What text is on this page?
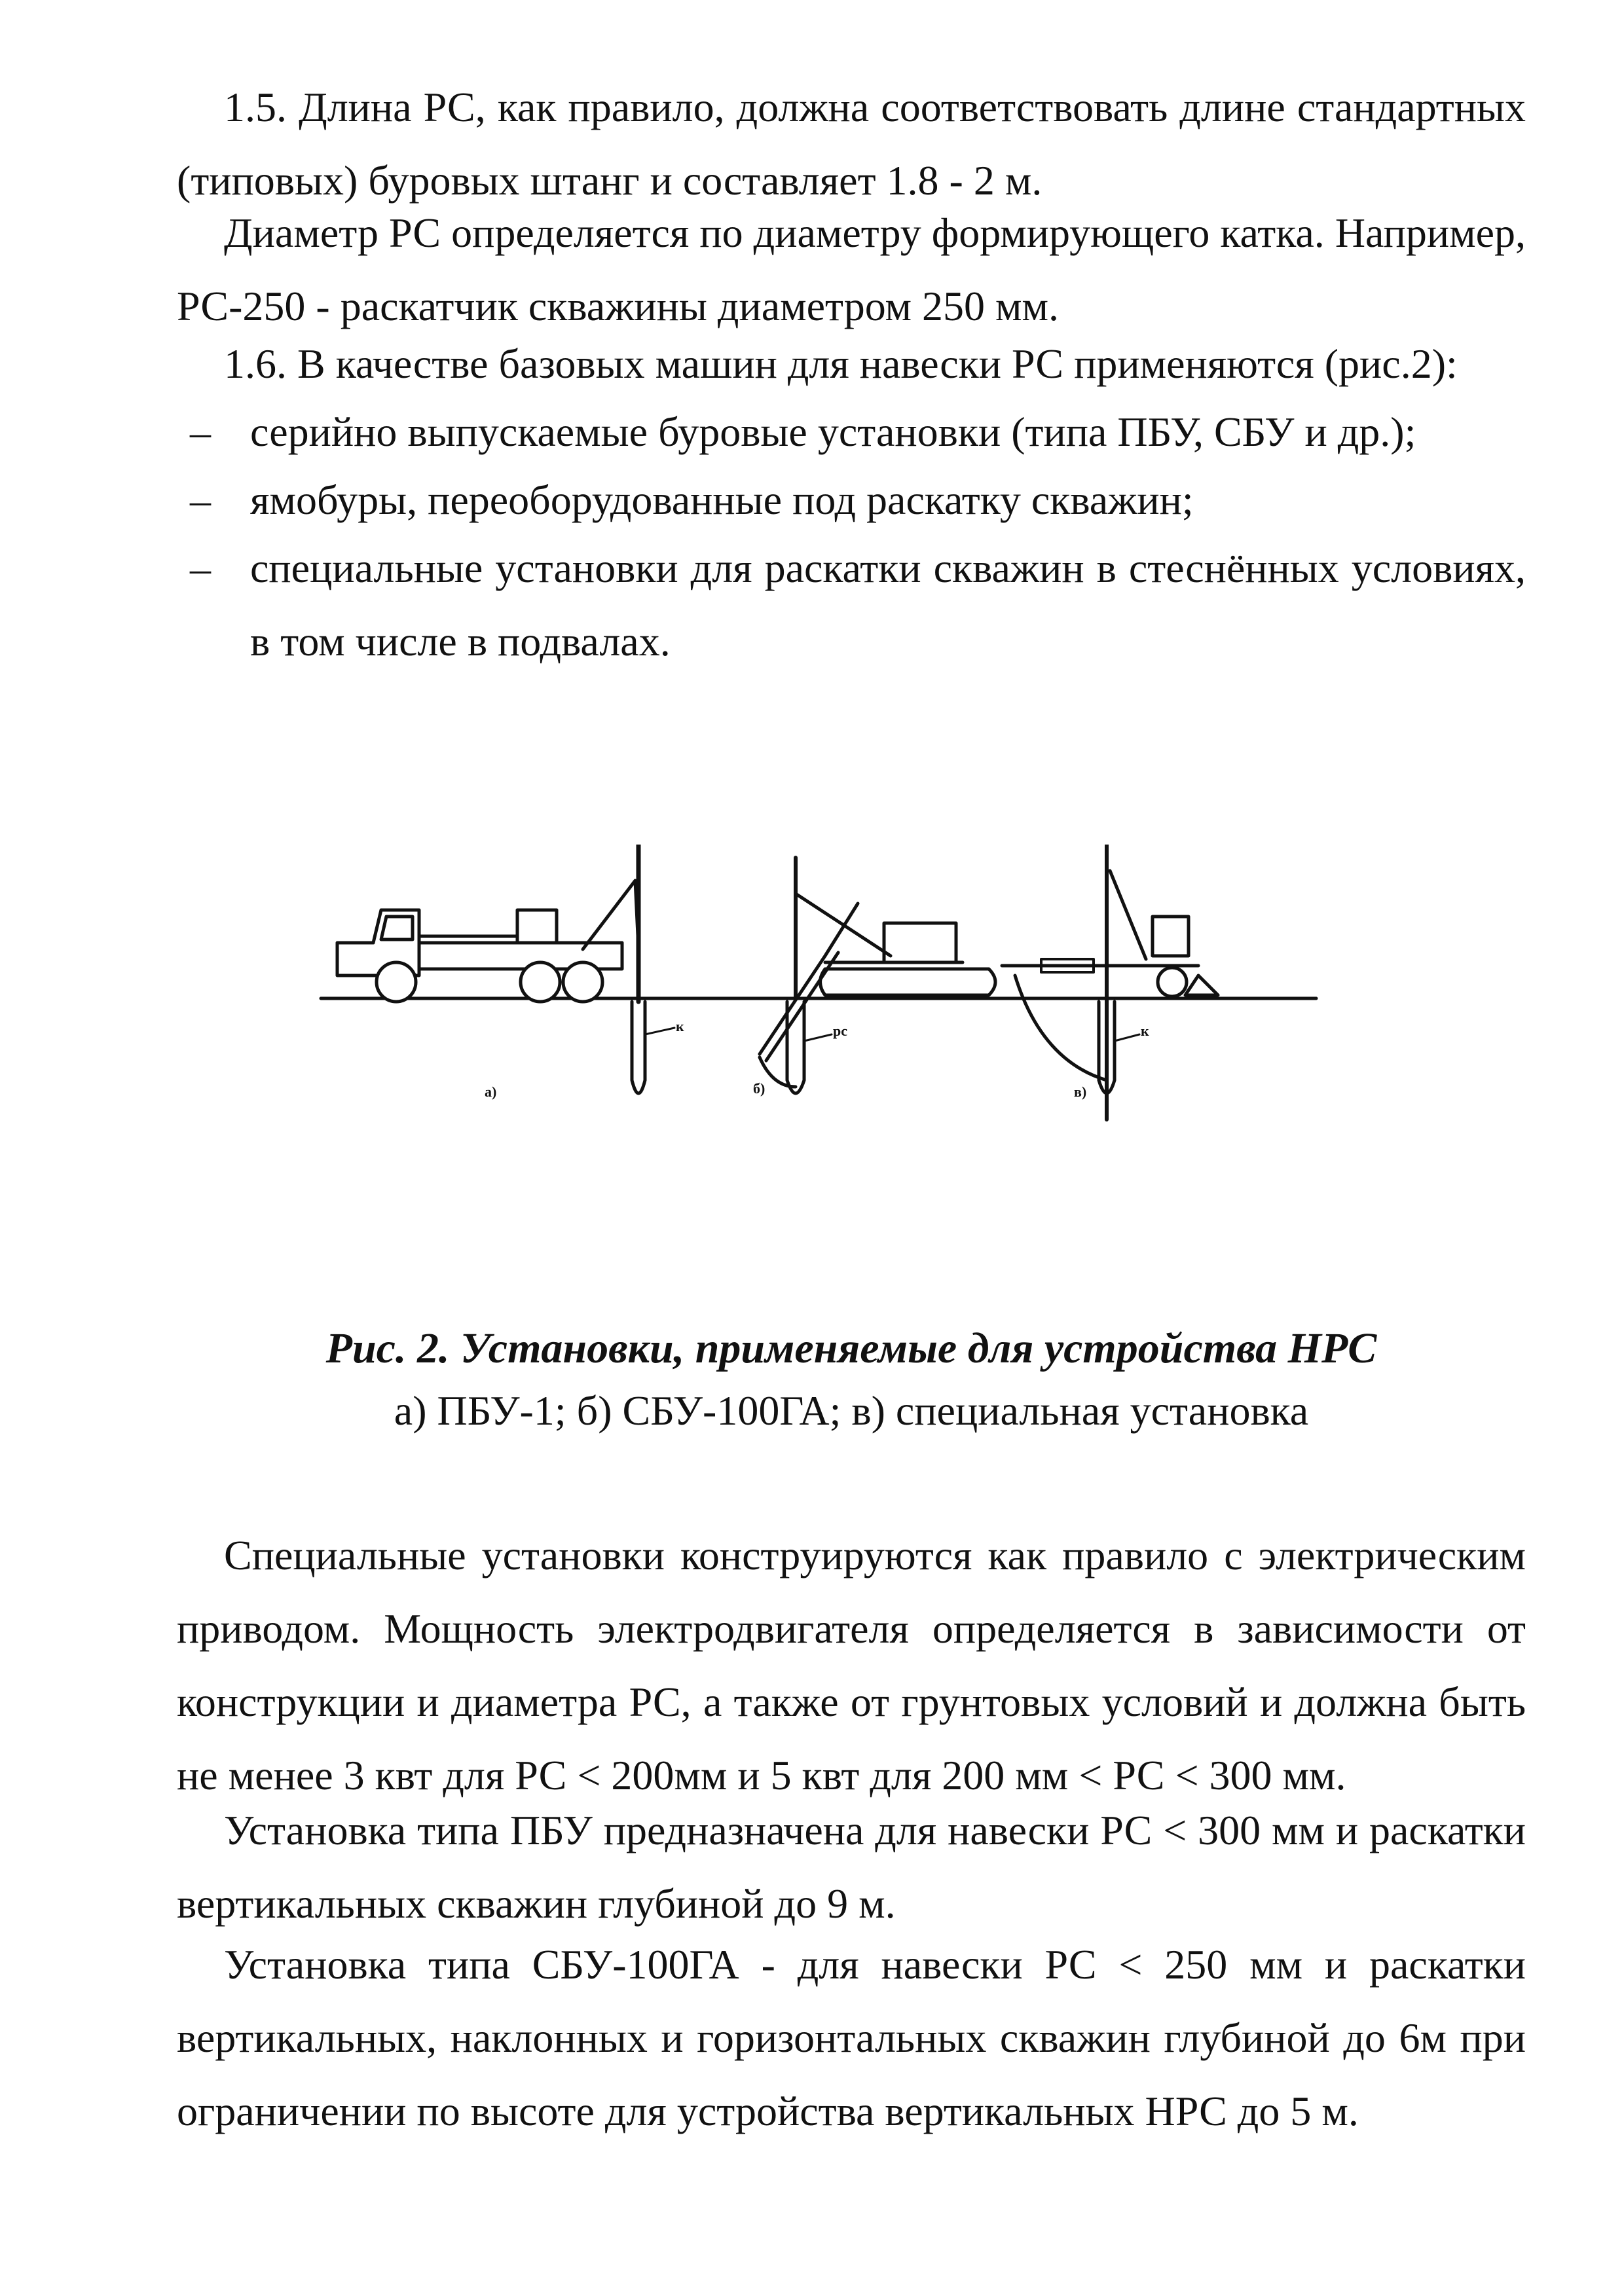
1.5. Длина РС, как правило, должна соответствовать длине стандартных (типовых) буровых штанг и составляет 1.8 - 2 м.

Диаметр РС определяется по диаметру формирующего катка. Например, РС-250 - раскатчик скважины диаметром 250 мм.

1.6. В качестве базовых машин для навески РС применяются (рис.2):

– серийно выпускаемые буровые установки (типа ПБУ, СБУ и др.);
– ямобуры, переоборудованные под раскатку скважин;
– специальные установки для раскатки скважин в стеснённых условиях, в том числе в подвалах.
а)	б)	в)
к	рс	к
Рис. 2. Установки, применяемые для устройства НРС
а) ПБУ-1; б) СБУ-100ГА; в) специальная установка

Специальные установки конструируются как правило с электрическим приводом. Мощность электродвигателя определяется в зависимости от конструкции и диаметра РС, а также от грунтовых условий и должна быть не менее 3 квт для РС < 200мм и 5 квт для 200 мм < РС < 300 мм.

Установка типа ПБУ предназначена для навески РС < 300 мм и раскатки вертикальных скважин глубиной до 9 м.

Установка типа СБУ-100ГА - для навески РС < 250 мм и раскатки вертикальных, наклонных и горизонтальных скважин глубиной до 6м при ограничении по высоте для устройства вертикальных НРС до 5 м.
